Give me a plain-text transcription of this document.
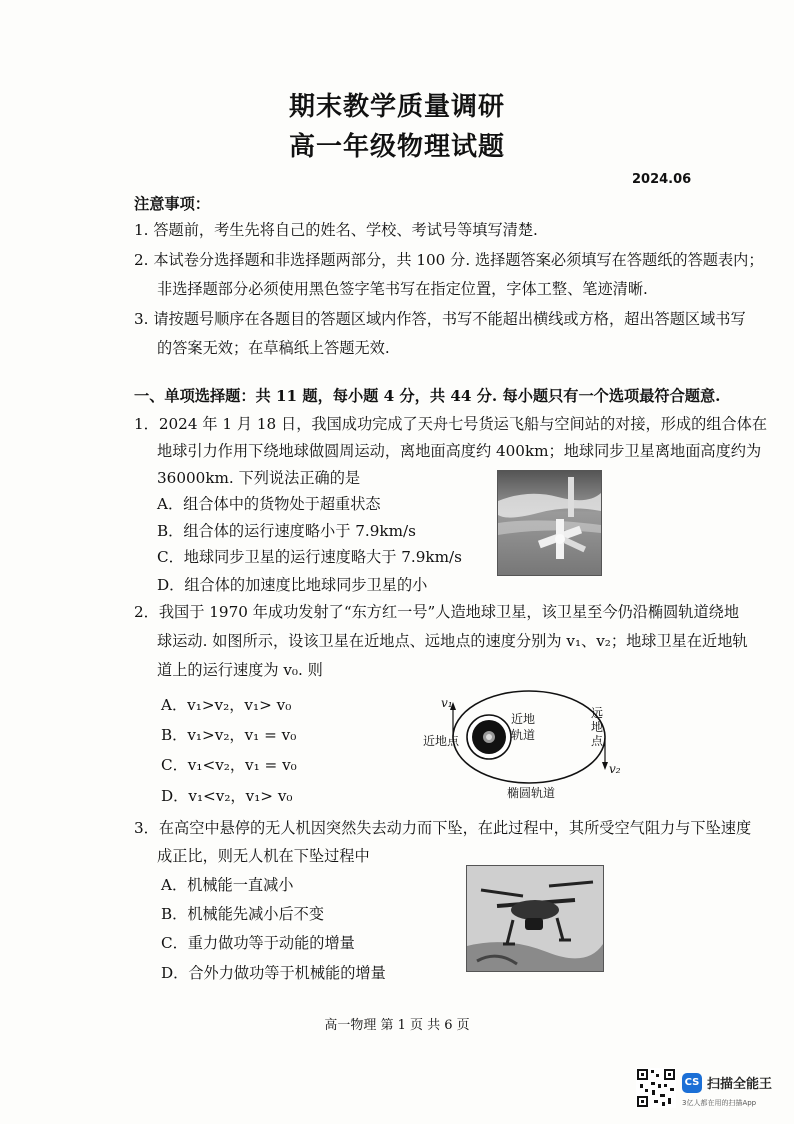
期末教学质量调研
高一年级物理试题
2024.06
注意事项：
1. 答题前，考生先将自己的姓名、学校、考试号等填写清楚.
2. 本试卷分选择题和非选择题两部分，共 100 分. 选择题答案必须填写在答题纸的答题表内；
非选择题部分必须使用黑色签字笔书写在指定位置，字体工整、笔迹清晰.
3. 请按题号顺序在各题目的答题区域内作答，书写不能超出横线或方格，超出答题区域书写
的答案无效；在草稿纸上答题无效.
一、单项选择题：共 11 题，每小题 4 分，共 44 分. 每小题只有一个选项最符合题意.
1．2024 年 1 月 18 日，我国成功完成了天舟七号货运飞船与空间站的对接，形成的组合体在
地球引力作用下绕地球做圆周运动，离地面高度约 400km；地球同步卫星离地面高度约为
36000km. 下列说法正确的是
A．组合体中的货物处于超重状态
B．组合体的运行速度略小于 7.9km/s
C．地球同步卫星的运行速度略大于 7.9km/s
D．组合体的加速度比地球同步卫星的小
2．我国于 1970 年成功发射了“东方红一号”人造地球卫星，该卫星至今仍沿椭圆轨道绕地
球运动. 如图所示，设该卫星在近地点、远地点的速度分别为 v₁、v₂；地球卫星在近地轨
道上的运行速度为 v₀. 则
A．v₁>v₂，v₁> v₀
B．v₁>v₂，v₁ = v₀
C．v₁<v₂，v₁ = v₀
D．v₁<v₂，v₁> v₀
v₁
v₂
近地点
近地
轨道
远地点
椭圆轨道
3．在高空中悬停的无人机因突然失去动力而下坠，在此过程中，其所受空气阻力与下坠速度
成正比，则无人机在下坠过程中
A．机械能一直减小
B．机械能先减小后不变
C．重力做功等于动能的增量
D．合外力做功等于机械能的增量
高一物理 第 1 页 共 6 页
CS 扫描全能王
3亿人都在用的扫描App
